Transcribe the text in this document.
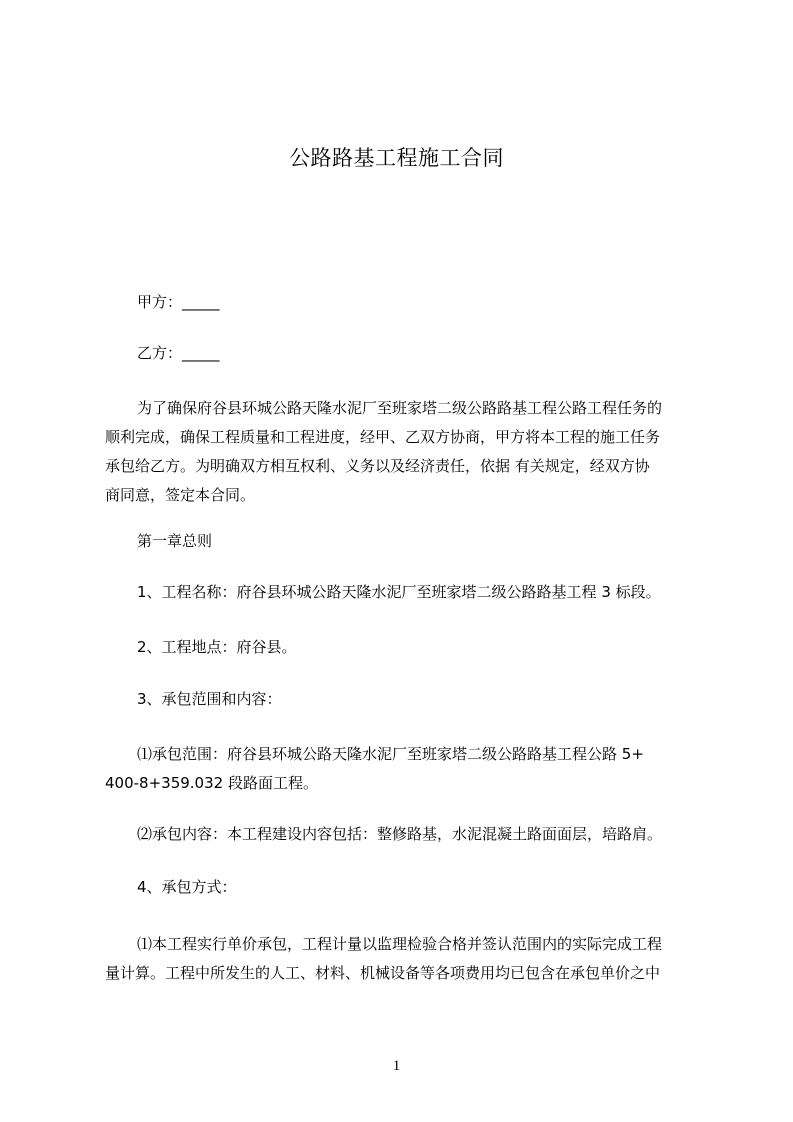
公路路基工程施工合同
甲方：_____
乙方：_____
为了确保府谷县环城公路天隆水泥厂至班家塔二级公路路基工程公路工程任务的
顺利完成，确保工程质量和工程进度，经甲、乙双方协商，甲方将本工程的施工任务
承包给乙方。为明确双方相互权利、义务以及经济责任，依据 有关规定，经双方协
商同意，签定本合同。
第一章总则
1、工程名称：府谷县环城公路天隆水泥厂至班家塔二级公路路基工程 3 标段。
2、工程地点：府谷县。
3、承包范围和内容：
⑴承包范围：府谷县环城公路天隆水泥厂至班家塔二级公路路基工程公路 5+
400-8+359.032 段路面工程。
⑵承包内容：本工程建设内容包括：整修路基，水泥混凝土路面面层，培路肩。
4、承包方式：
⑴本工程实行单价承包，工程计量以监理检验合格并签认范围内的实际完成工程
量计算。工程中所发生的人工、材料、机械设备等各项费用均已包含在承包单价之中
1
